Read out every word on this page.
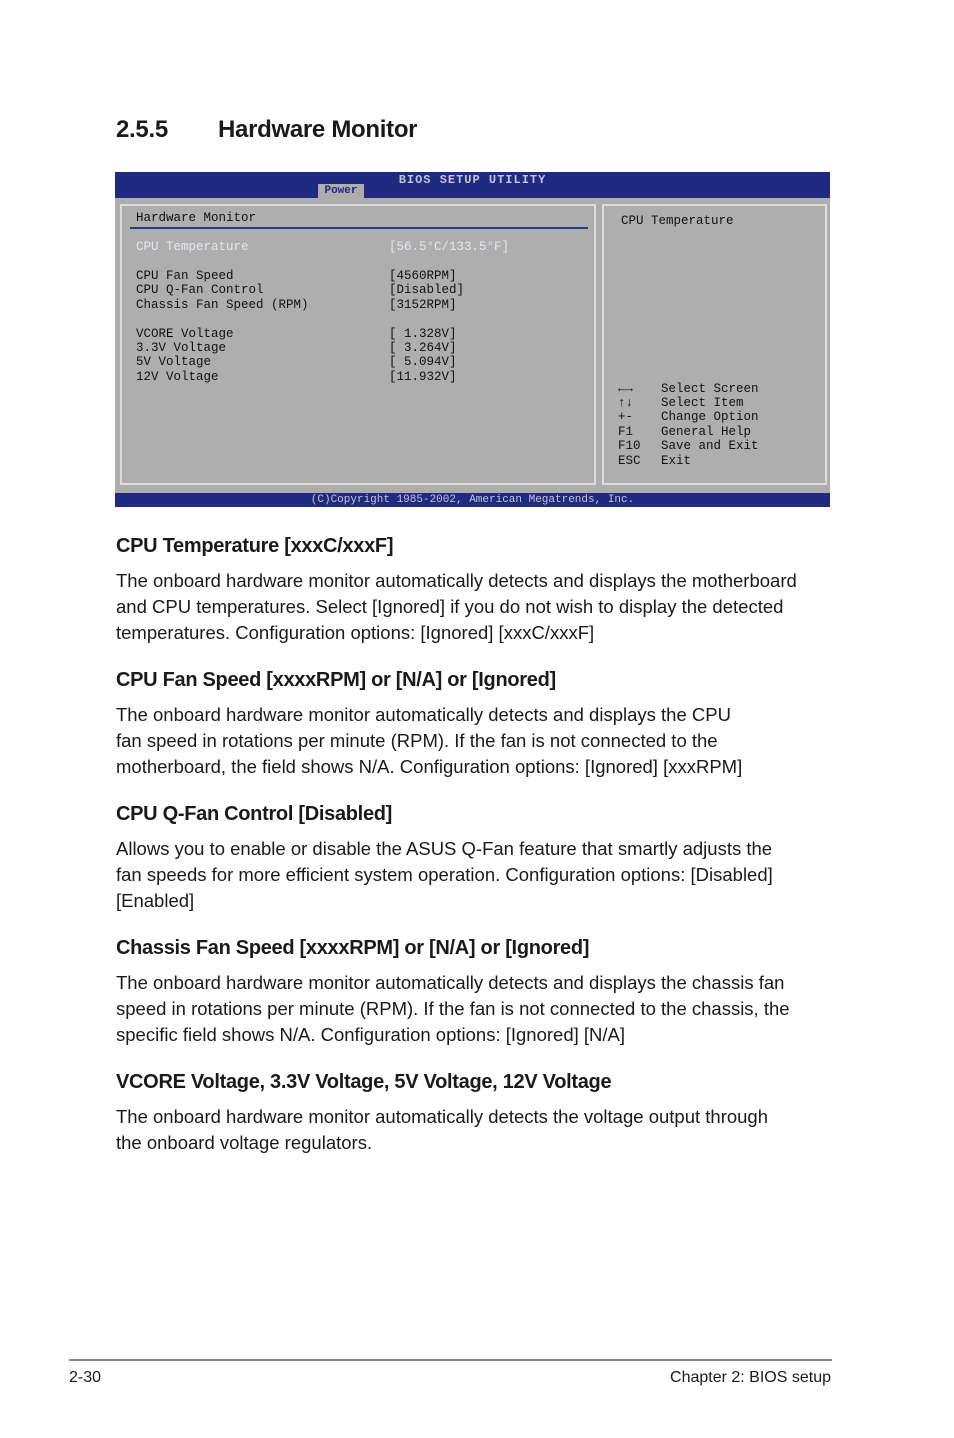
2.5.5 Hardware Monitor
BIOS SETUP UTILITY
Power
Hardware Monitor
CPU Temperature	[56.5°C/133.5°F]
CPU Fan Speed	[4560RPM]
CPU Q-Fan Control	[Disabled]
Chassis Fan Speed (RPM)	[3152RPM]
VCORE Voltage	[ 1.328V]
3.3V Voltage	[ 3.264V]
5V Voltage	[ 5.094V]
12V Voltage	[11.932V]
CPU Temperature
←→ Select Screen
↑↓ Select Item
+- Change Option
F1 General Help
F10 Save and Exit
ESC Exit
(C)Copyright 1985-2002, American Megatrends, Inc.
CPU Temperature [xxxC/xxxF]

The onboard hardware monitor automatically detects and displays the motherboard
and CPU temperatures. Select [Ignored] if you do not wish to display the detected
temperatures. Configuration options: [Ignored] [xxxC/xxxF]

CPU Fan Speed [xxxxRPM] or [N/A] or [Ignored]

The onboard hardware monitor automatically detects and displays the CPU
fan speed in rotations per minute (RPM). If the fan is not connected to the
motherboard, the field shows N/A. Configuration options: [Ignored] [xxxRPM]

CPU Q-Fan Control [Disabled]

Allows you to enable or disable the ASUS Q-Fan feature that smartly adjusts the
fan speeds for more efficient system operation. Configuration options: [Disabled]
[Enabled]

Chassis Fan Speed [xxxxRPM] or [N/A] or [Ignored]

The onboard hardware monitor automatically detects and displays the chassis fan
speed in rotations per minute (RPM). If the fan is not connected to the chassis, the
specific field shows N/A. Configuration options: [Ignored] [N/A]

VCORE Voltage, 3.3V Voltage, 5V Voltage, 12V Voltage

The onboard hardware monitor automatically detects the voltage output through
the onboard voltage regulators.

2-30	Chapter 2: BIOS setup
